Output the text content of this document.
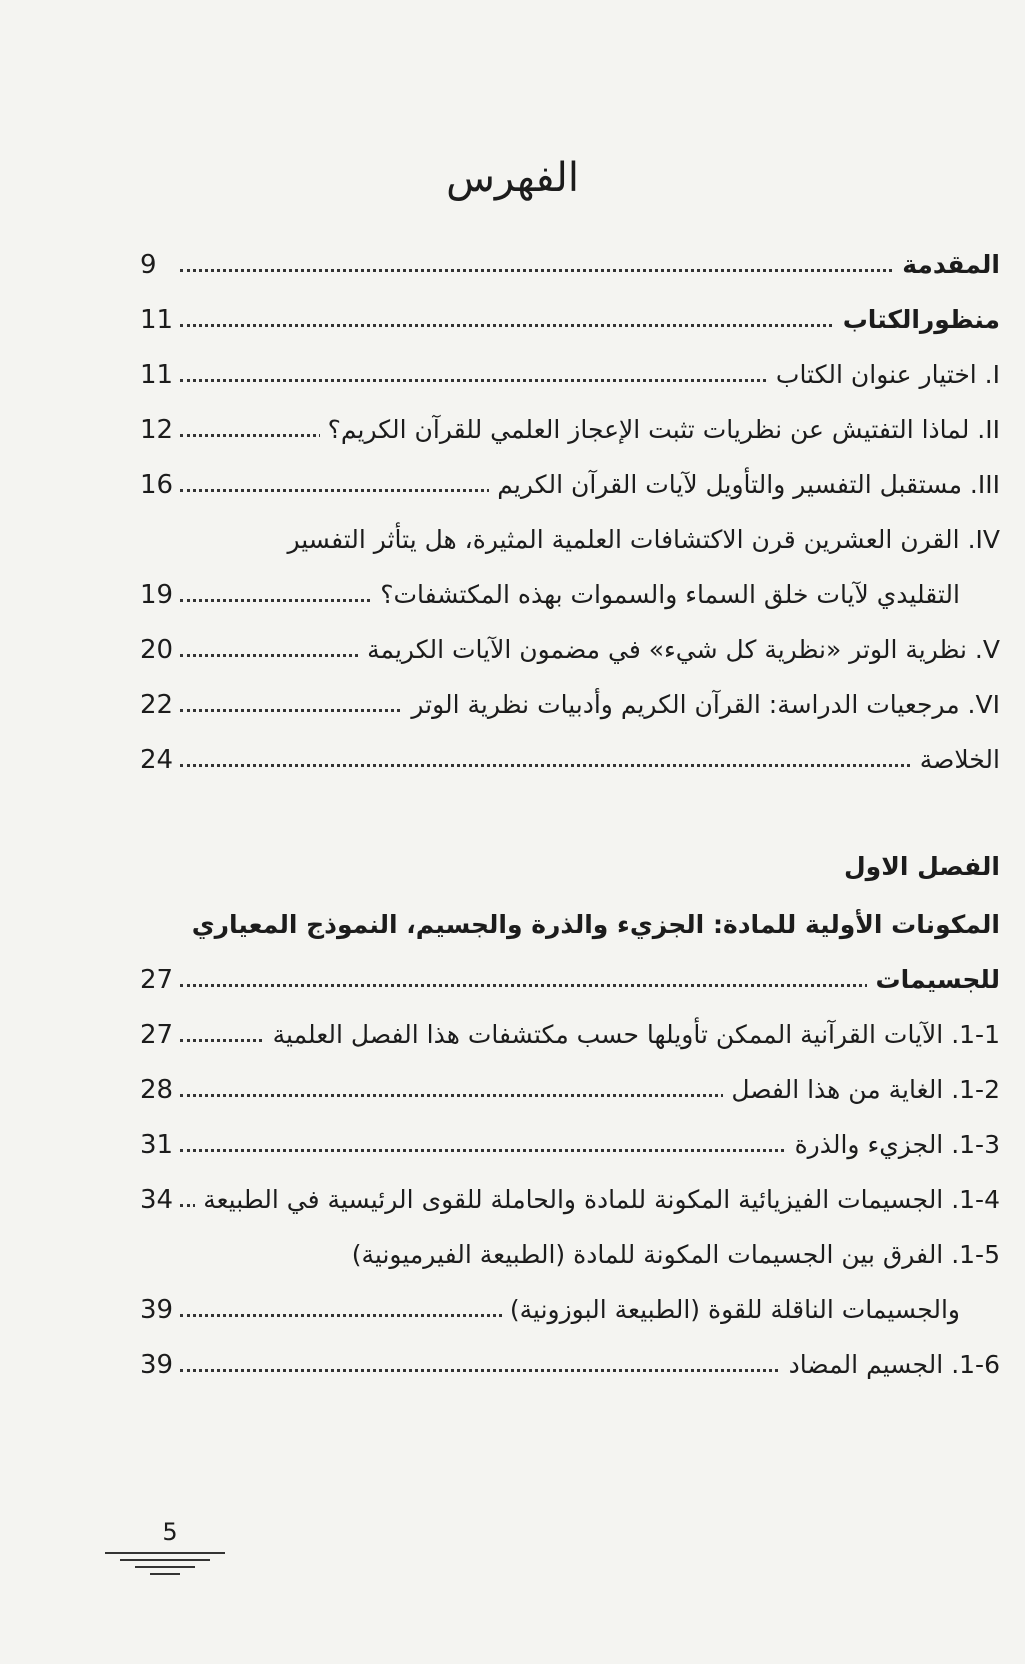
الفهرس
9	المقدمة
11	منظورالكتاب
11	I. اختيار عنوان الكتاب
12	II. لماذا التفتيش عن نظريات تثبت الإعجاز العلمي للقرآن الكريم؟
16	III. مستقبل التفسير والتأويل لآيات القرآن الكريم
IV. القرن العشرين قرن الاكتشافات العلمية المثيرة، هل يتأثر التفسير
19	التقليدي لآيات خلق السماء والسموات بهذه المكتشفات؟
20	V. نظرية الوتر «نظرية كل شيء» في مضمون الآيات الكريمة
22	VI. مرجعيات الدراسة: القرآن الكريم وأدبيات نظرية الوتر
24	الخلاصة
الفصل الاول
المكونات الأولية للمادة: الجزيء والذرة والجسيم، النموذج المعياري
27	للجسيمات
27	1-1. الآيات القرآنية الممكن تأويلها حسب مكتشفات هذا الفصل العلمية
28	1-2. الغاية من هذا الفصل
31	1-3. الجزيء والذرة
34	1-4. الجسيمات الفيزيائية المكونة للمادة والحاملة للقوى الرئيسية في الطبيعة
1-5. الفرق بين الجسيمات المكونة للمادة (الطبيعة الفيرميونية)
39	والجسيمات الناقلة للقوة (الطبيعة البوزونية)
39	1-6. الجسيم المضاد
5
